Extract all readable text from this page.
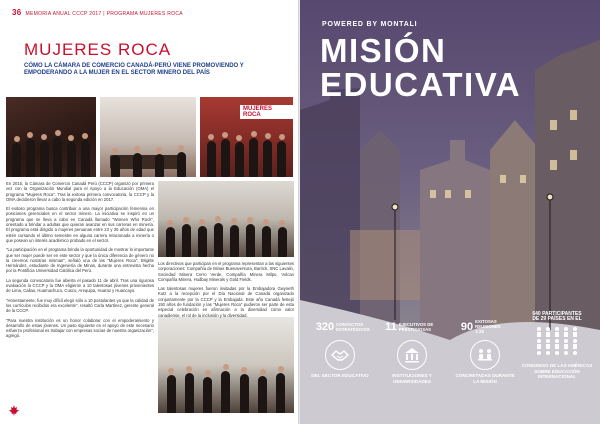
36 MEMORIA ANUAL CCCP 2017 | PROGRAMA MUJERES ROCA
MUJERES ROCA
CÓMO LA CÁMARA DE COMERCIO CANADÁ-PERÚ VIENE PROMOVIENDO Y EMPODERANDO A LA MUJER EN EL SECTOR MINERO DEL PAÍS
MUJERES ROCA

En 2015, la Cámara de Comercio Canadá Perú (CCCP) organizó por primera vez con la Organización Mundial para el Apoyo a la Educación (OMA) el programa "Mujeres Roca". Tras la exitosa primera convocatoria, la CCCP y la OMA decidieron llevar a cabo la segunda edición en 2017.

El exitoso programa busca contribuir a una mayor participación femenina en posiciones gerenciales en el sector minero. La iniciativa se inspiró en un programa que se lleva a cabo en Canadá llamado "Women Who Rock", orientado a brindar a adultas que quieran avanzar en sus carreras en minería. El programa está dirigido a mujeres peruanas entre 23 y 35 años de edad que estén cursando el último semestre en alguna carrera relacionada a minería o que posean un interés académico probado en el sector.

"La participación en el programa brinda la oportunidad de mostrar lo importante que ser mujer puede ser en este sector y que la única diferencia de género no la creemos nosotras mismas", señaló una de las "Mujeres Roca", Brigitte Hernández, estudiante de Ingeniería de Minas, durante una entrevista hecha por la Pontificia Universidad Católica del Perú.

La segunda convocatoria fue abierta el pasado 11 de abril. Tras una rigurosa evaluación la CCCP y la OMA eligieron a 10 talentosas jóvenes provenientes de Lima, Callao, Huamachuco, Cusco, Arequipa, Huaraz y Huancayo.

"Honestamente, fue muy difícil elegir sólo a 10 postulantes ya que la calidad de los currículos recibidos era excelente", resaltó Carla Martínez, gerente general de la CCCP.

"Para nuestra institución es un honor colaborar con el empoderamiento y desarrollo de estas jóvenes. Un paso siguiente en el apoyo de este necesario esfuerzo profesional es trabajar con empresas socias de nuestra organización", agregó.

Los directivos que participan en el programa representan a las siguientes corporaciones: Compañía de Minas Buenaventura, Barrick, SNC Lavalin, Sociedad Minera Cerro Verde, Compañía Minera Milpo, Volcan Compañía Minera, Hudbay Minerals y Gold Fields.

Las talentosas mujeres fueron invitadas por la Embajadora Gwyneth Kutz a la recepción por el Día Nacional de Canadá organizado conjuntamente por la CCCP y la Embajada. Este año Canadá festejó 150 años de fundación y las "Mujeres Roca" pudieron ser parte de esta especial celebración en afirmación a la diversidad como valor canadiense, el rol de la inclusión y la diversidad.

POWERED BY MONTALI
MISIÓN
EDUCATIVA
320 CONTACTOS ESTRATÉGICOS
DEL SECTOR EDUCATIVO
11 EJECUTIVOS DE PRESTIGIOSAS
INSTITUCIONES Y UNIVERSIDADES
90 EXITOSAS REUNIONES 1:28
CONCRETADAS DURANTE LA MISIÓN
640 PARTICIPANTES
DE 29 PAÍSES EN EL
CONGRESO DE LAS AMÉRICAS SOBRE EDUCACIÓN INTERNACIONAL
